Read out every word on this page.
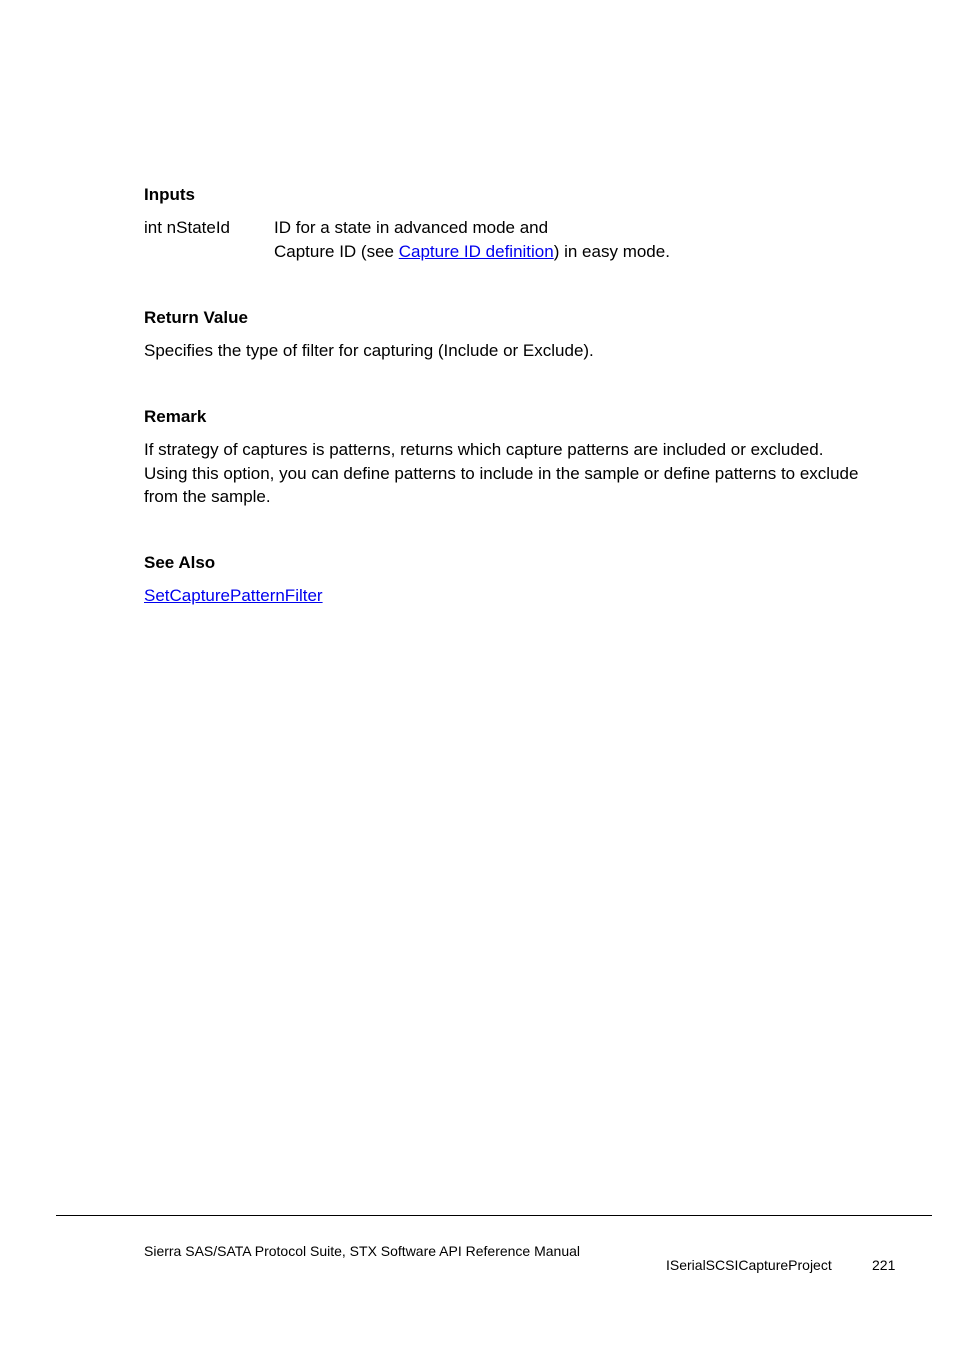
Inputs
int nStateId	ID for a state in advanced mode and
Capture ID (see Capture ID definition) in easy mode.
Return Value
Specifies the type of filter for capturing (Include or Exclude).
Remark
If strategy of captures is patterns, returns which capture patterns are included or excluded.
Using this option, you can define patterns to include in the sample or define patterns to exclude
from the sample.
See Also
SetCapturePatternFilter
Sierra SAS/SATA Protocol Suite, STX Software API Reference Manual
ISerialSCSICaptureProject	221
